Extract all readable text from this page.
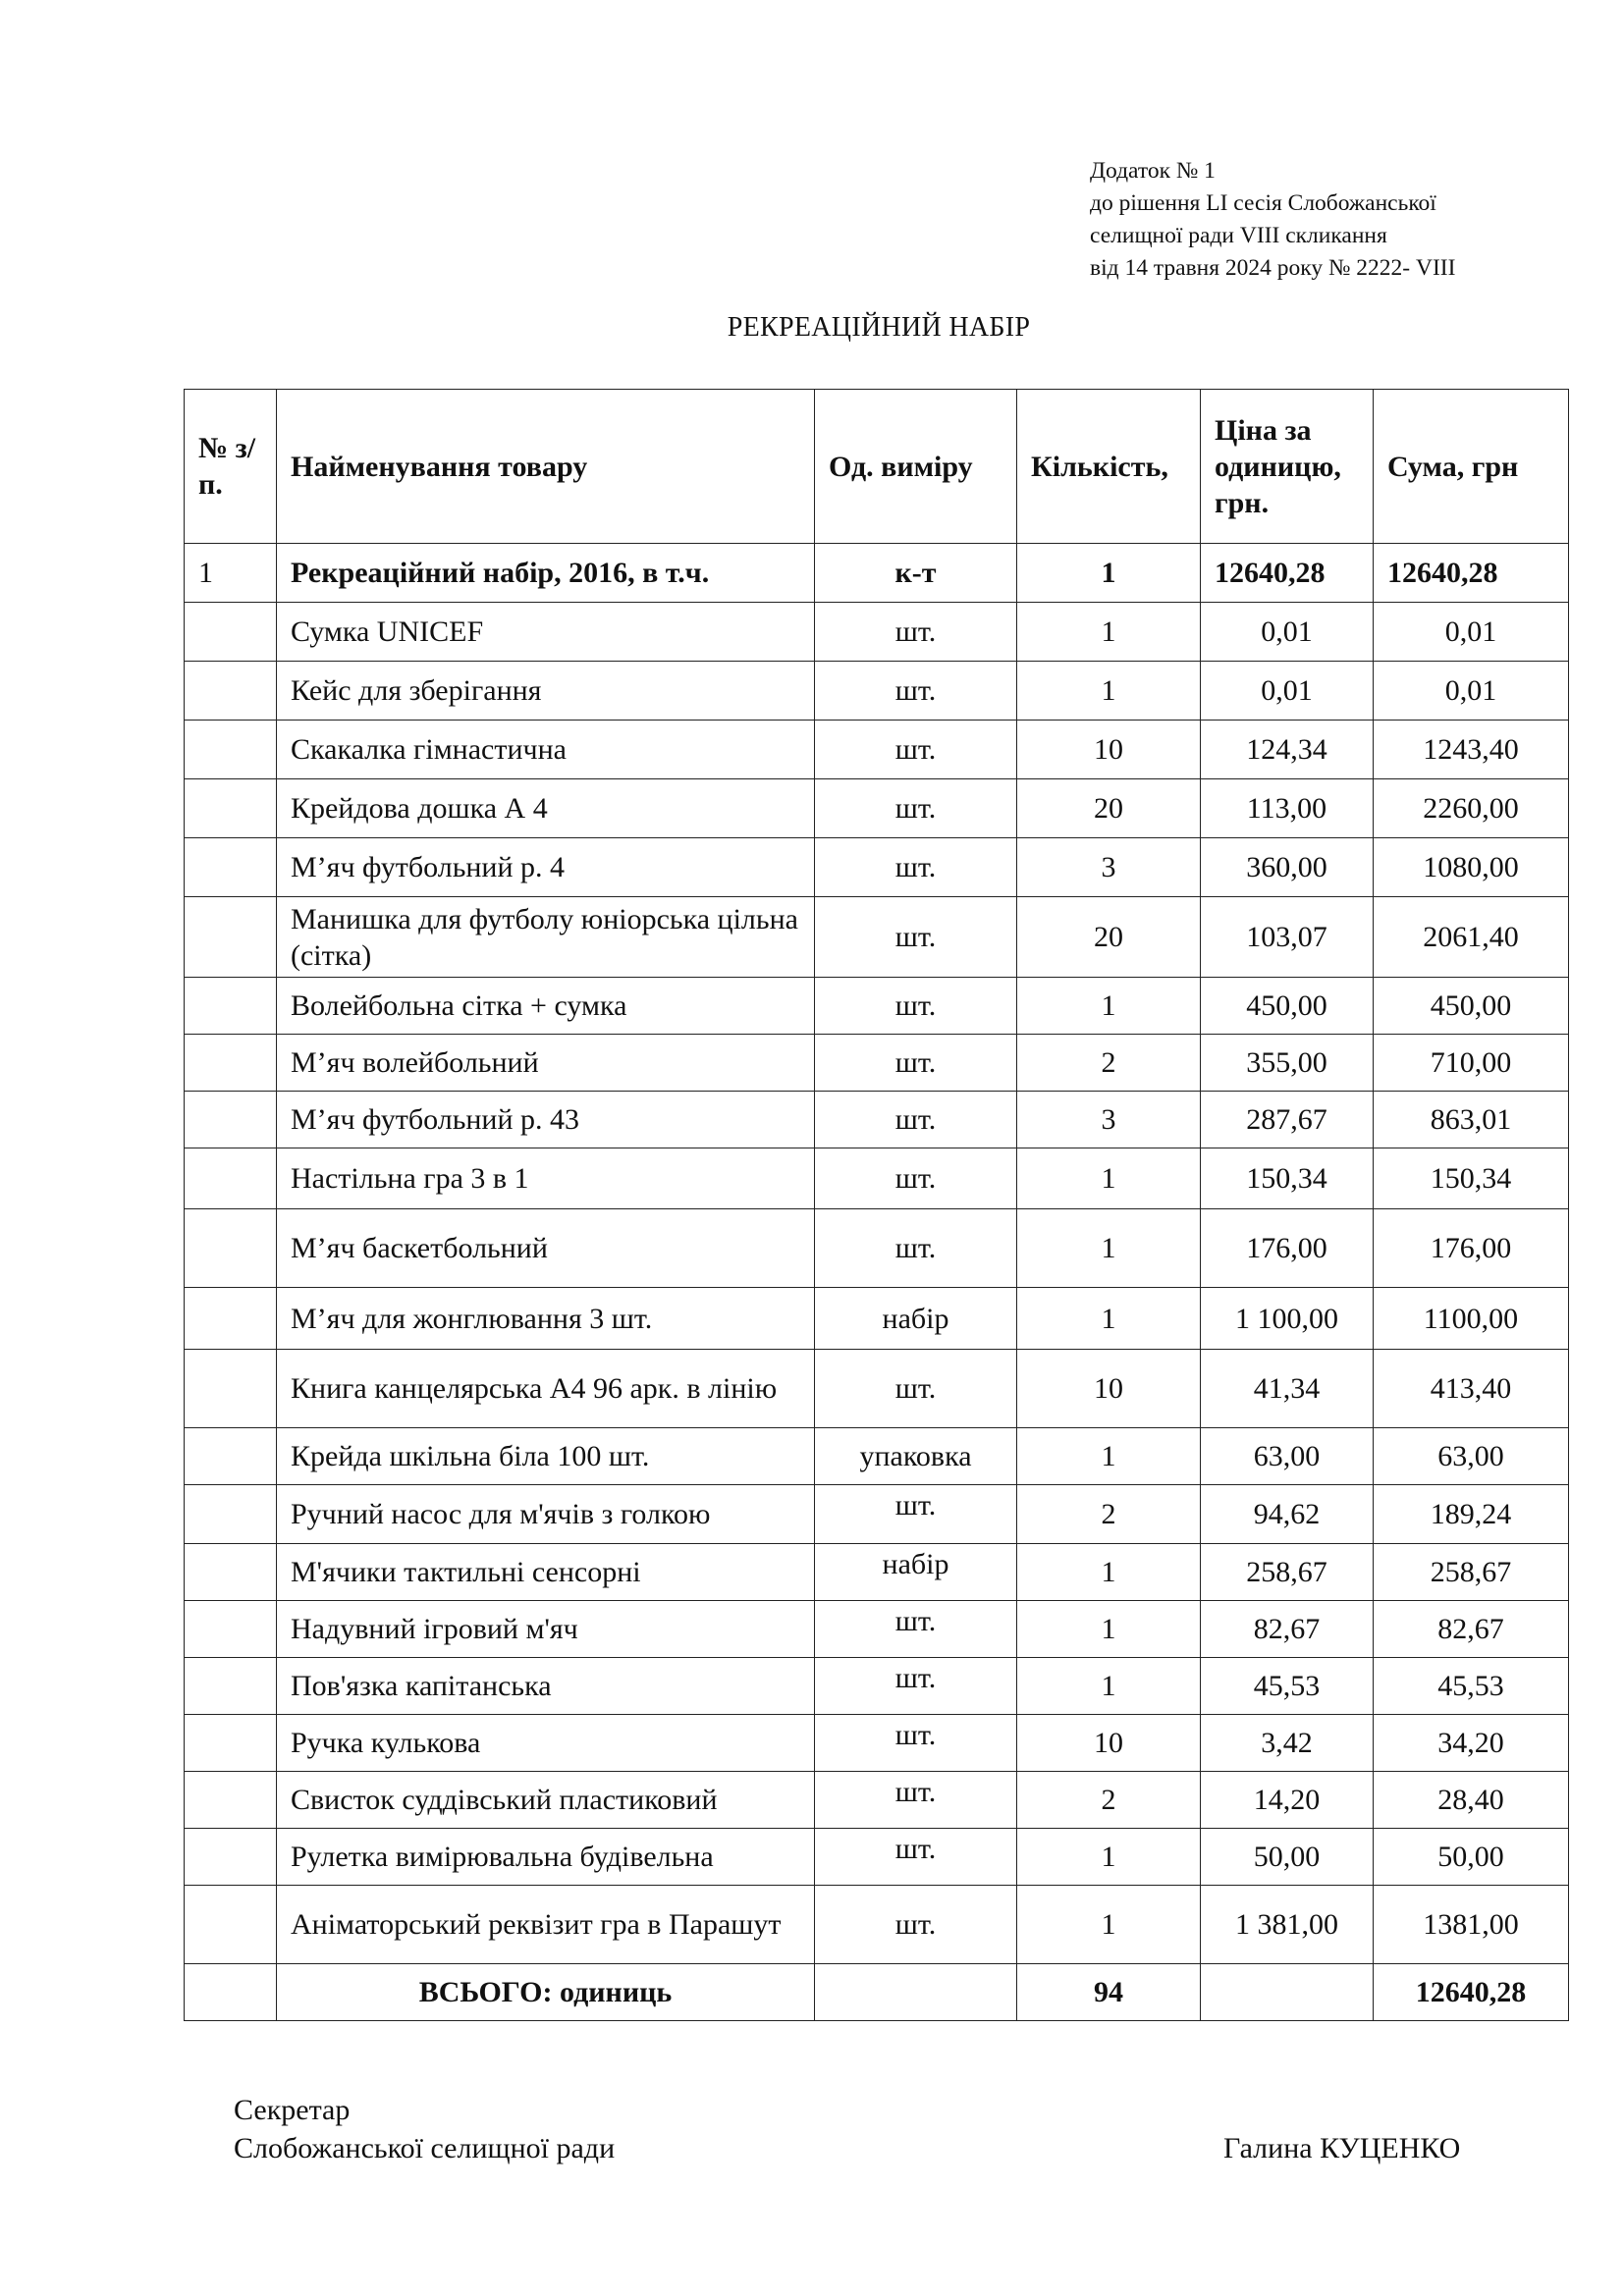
Додаток № 1
до рішення LI сесія Слобожанської
селищної ради VIII скликання
від 14 травня 2024 року № 2222- VIII
РЕКРЕАЦІЙНИЙ НАБІР
№ з/п.	Найменування товару	Од. виміру	Кількість,	Ціна за одиницю, грн.	Сума, грн
1	Рекреаційний набір, 2016, в т.ч.	к-т	1	12640,28	12640,28
	Сумка UNICEF	шт.	1	0,01	0,01
	Кейс для зберігання	шт.	1	0,01	0,01
	Скакалка гімнастична	шт.	10	124,34	1243,40
	Крейдова дошка А 4	шт.	20	113,00	2260,00
	М’яч футбольний р. 4	шт.	3	360,00	1080,00
	Манишка для футболу юніорська цільна (сітка)	шт.	20	103,07	2061,40
	Волейбольна сітка + сумка	шт.	1	450,00	450,00
	М’яч волейбольний	шт.	2	355,00	710,00
	М’яч футбольний р. 43	шт.	3	287,67	863,01
	Настільна гра 3 в 1	шт.	1	150,34	150,34
	М’яч баскетбольний	шт.	1	176,00	176,00
	М’яч для жонглювання 3 шт.	набір	1	1 100,00	1100,00
	Книга канцелярська А4 96 арк. в лінію	шт.	10	41,34	413,40
	Крейда шкільна біла 100 шт.	упаковка	1	63,00	63,00
	Ручний насос для м'ячів з голкою	шт.	2	94,62	189,24
	М'ячики тактильні сенсорні	набір	1	258,67	258,67
	Надувний ігровий м'яч	шт.	1	82,67	82,67
	Пов'язка капітанська	шт.	1	45,53	45,53
	Ручка кулькова	шт.	10	3,42	34,20
	Свисток суддівський пластиковий	шт.	2	14,20	28,40
	Рулетка вимірювальна будівельна	шт.	1	50,00	50,00
	Аніматорський реквізит гра в Парашут	шт.	1	1 381,00	1381,00
	ВСЬОГО: одиниць		94		12640,28
Секретар
Слобожанської селищної ради	Галина КУЦЕНКО
